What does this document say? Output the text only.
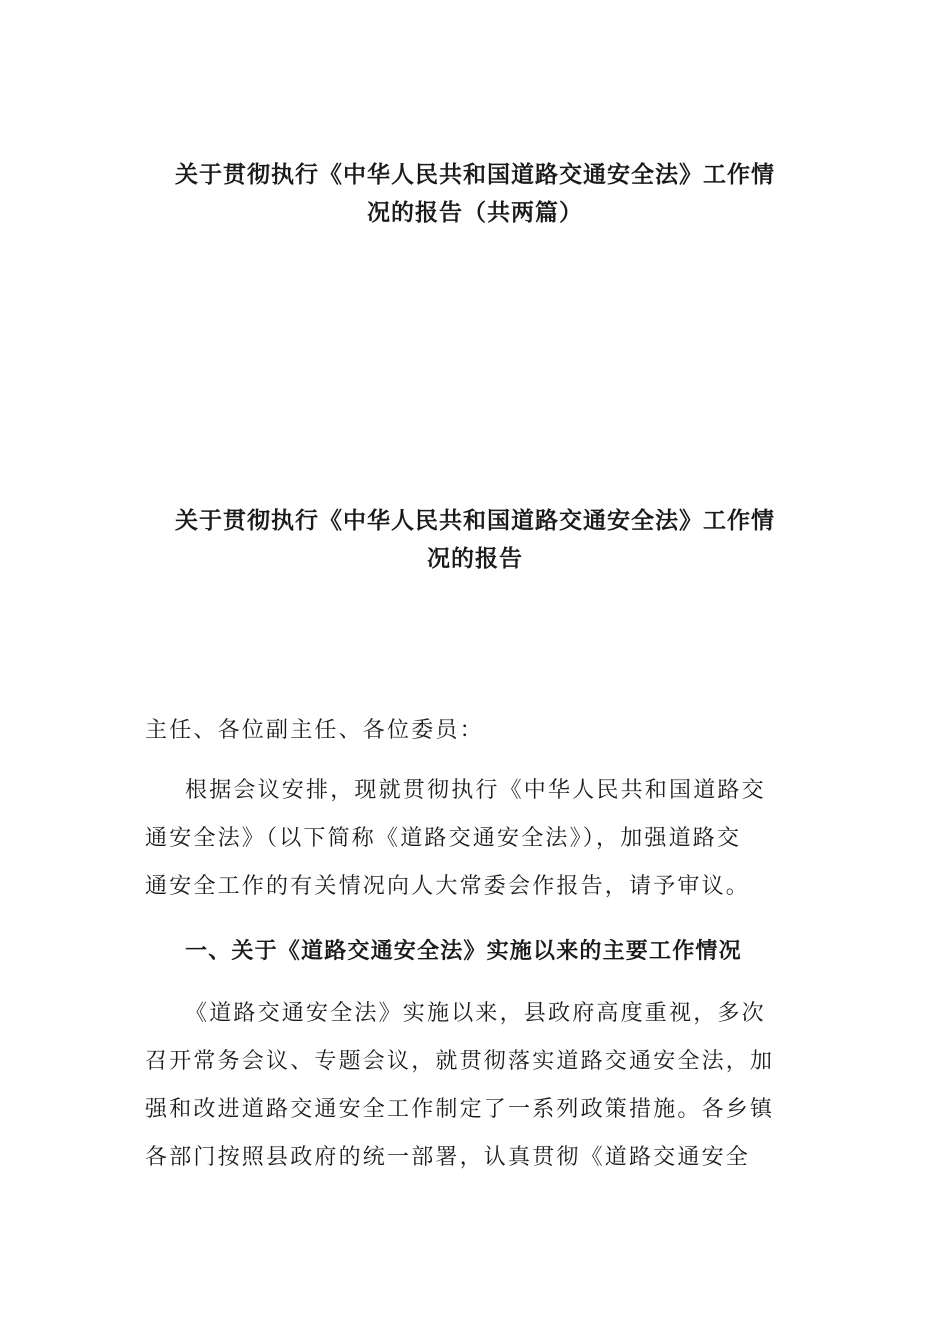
关于贯彻执行《中华人民共和国道路交通安全法》工作情
况的报告（共两篇）
关于贯彻执行《中华人民共和国道路交通安全法》工作情
况的报告

主任、各位副主任、各位委员：

根据会议安排，现就贯彻执行《中华人民共和国道路交
通安全法》（以下简称《道路交通安全法》），加强道路交
通安全工作的有关情况向人大常委会作报告，请予审议。

一、关于《道路交通安全法》实施以来的主要工作情况

《道路交通安全法》实施以来，县政府高度重视，多次
召开常务会议、专题会议，就贯彻落实道路交通安全法，加
强和改进道路交通安全工作制定了一系列政策措施。各乡镇
各部门按照县政府的统一部署，认真贯彻《道路交通安全
